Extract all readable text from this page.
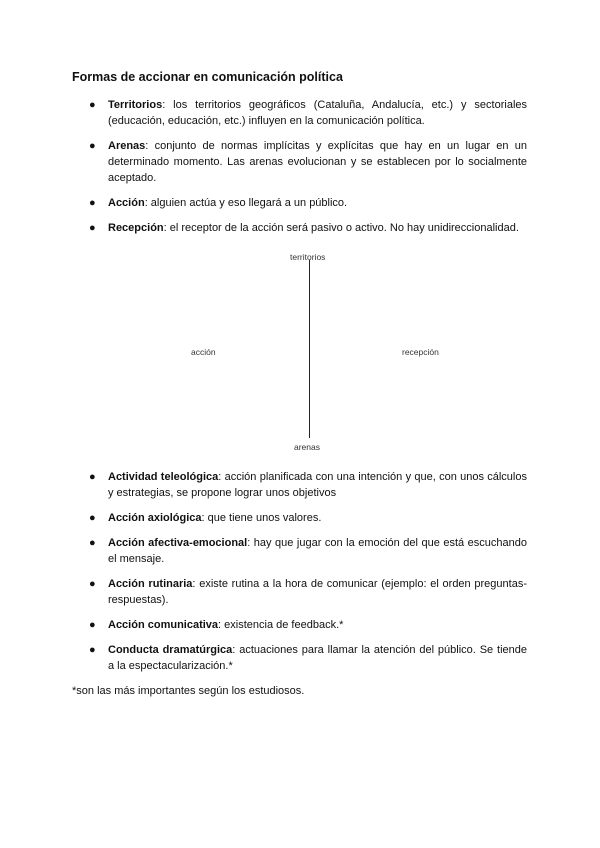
Formas de accionar en comunicación política
● Territorios: los territorios geográficos (Cataluña, Andalucía, etc.) y sectoriales (educación, educación, etc.) influyen en la comunicación política.
● Arenas: conjunto de normas implícitas y explícitas que hay en un lugar en un determinado momento. Las arenas evolucionan y se establecen por lo socialmente aceptado.
● Acción: alguien actúa y eso llegará a un público.
● Recepción: el receptor de la acción será pasivo o activo. No hay unidireccionalidad.
territorios
arenas
acción	recepción
● Actividad teleológica: acción planificada con una intención y que, con unos cálculos y estrategias, se propone lograr unos objetivos
● Acción axiológica: que tiene unos valores.
● Acción afectiva-emocional: hay que jugar con la emoción del que está escuchando el mensaje.
● Acción rutinaria: existe rutina a la hora de comunicar (ejemplo: el orden preguntas-respuestas).
● Acción comunicativa: existencia de feedback.*
● Conducta dramatúrgica: actuaciones para llamar la atención del público. Se tiende a la espectacularización.*

*son las más importantes según los estudiosos.
